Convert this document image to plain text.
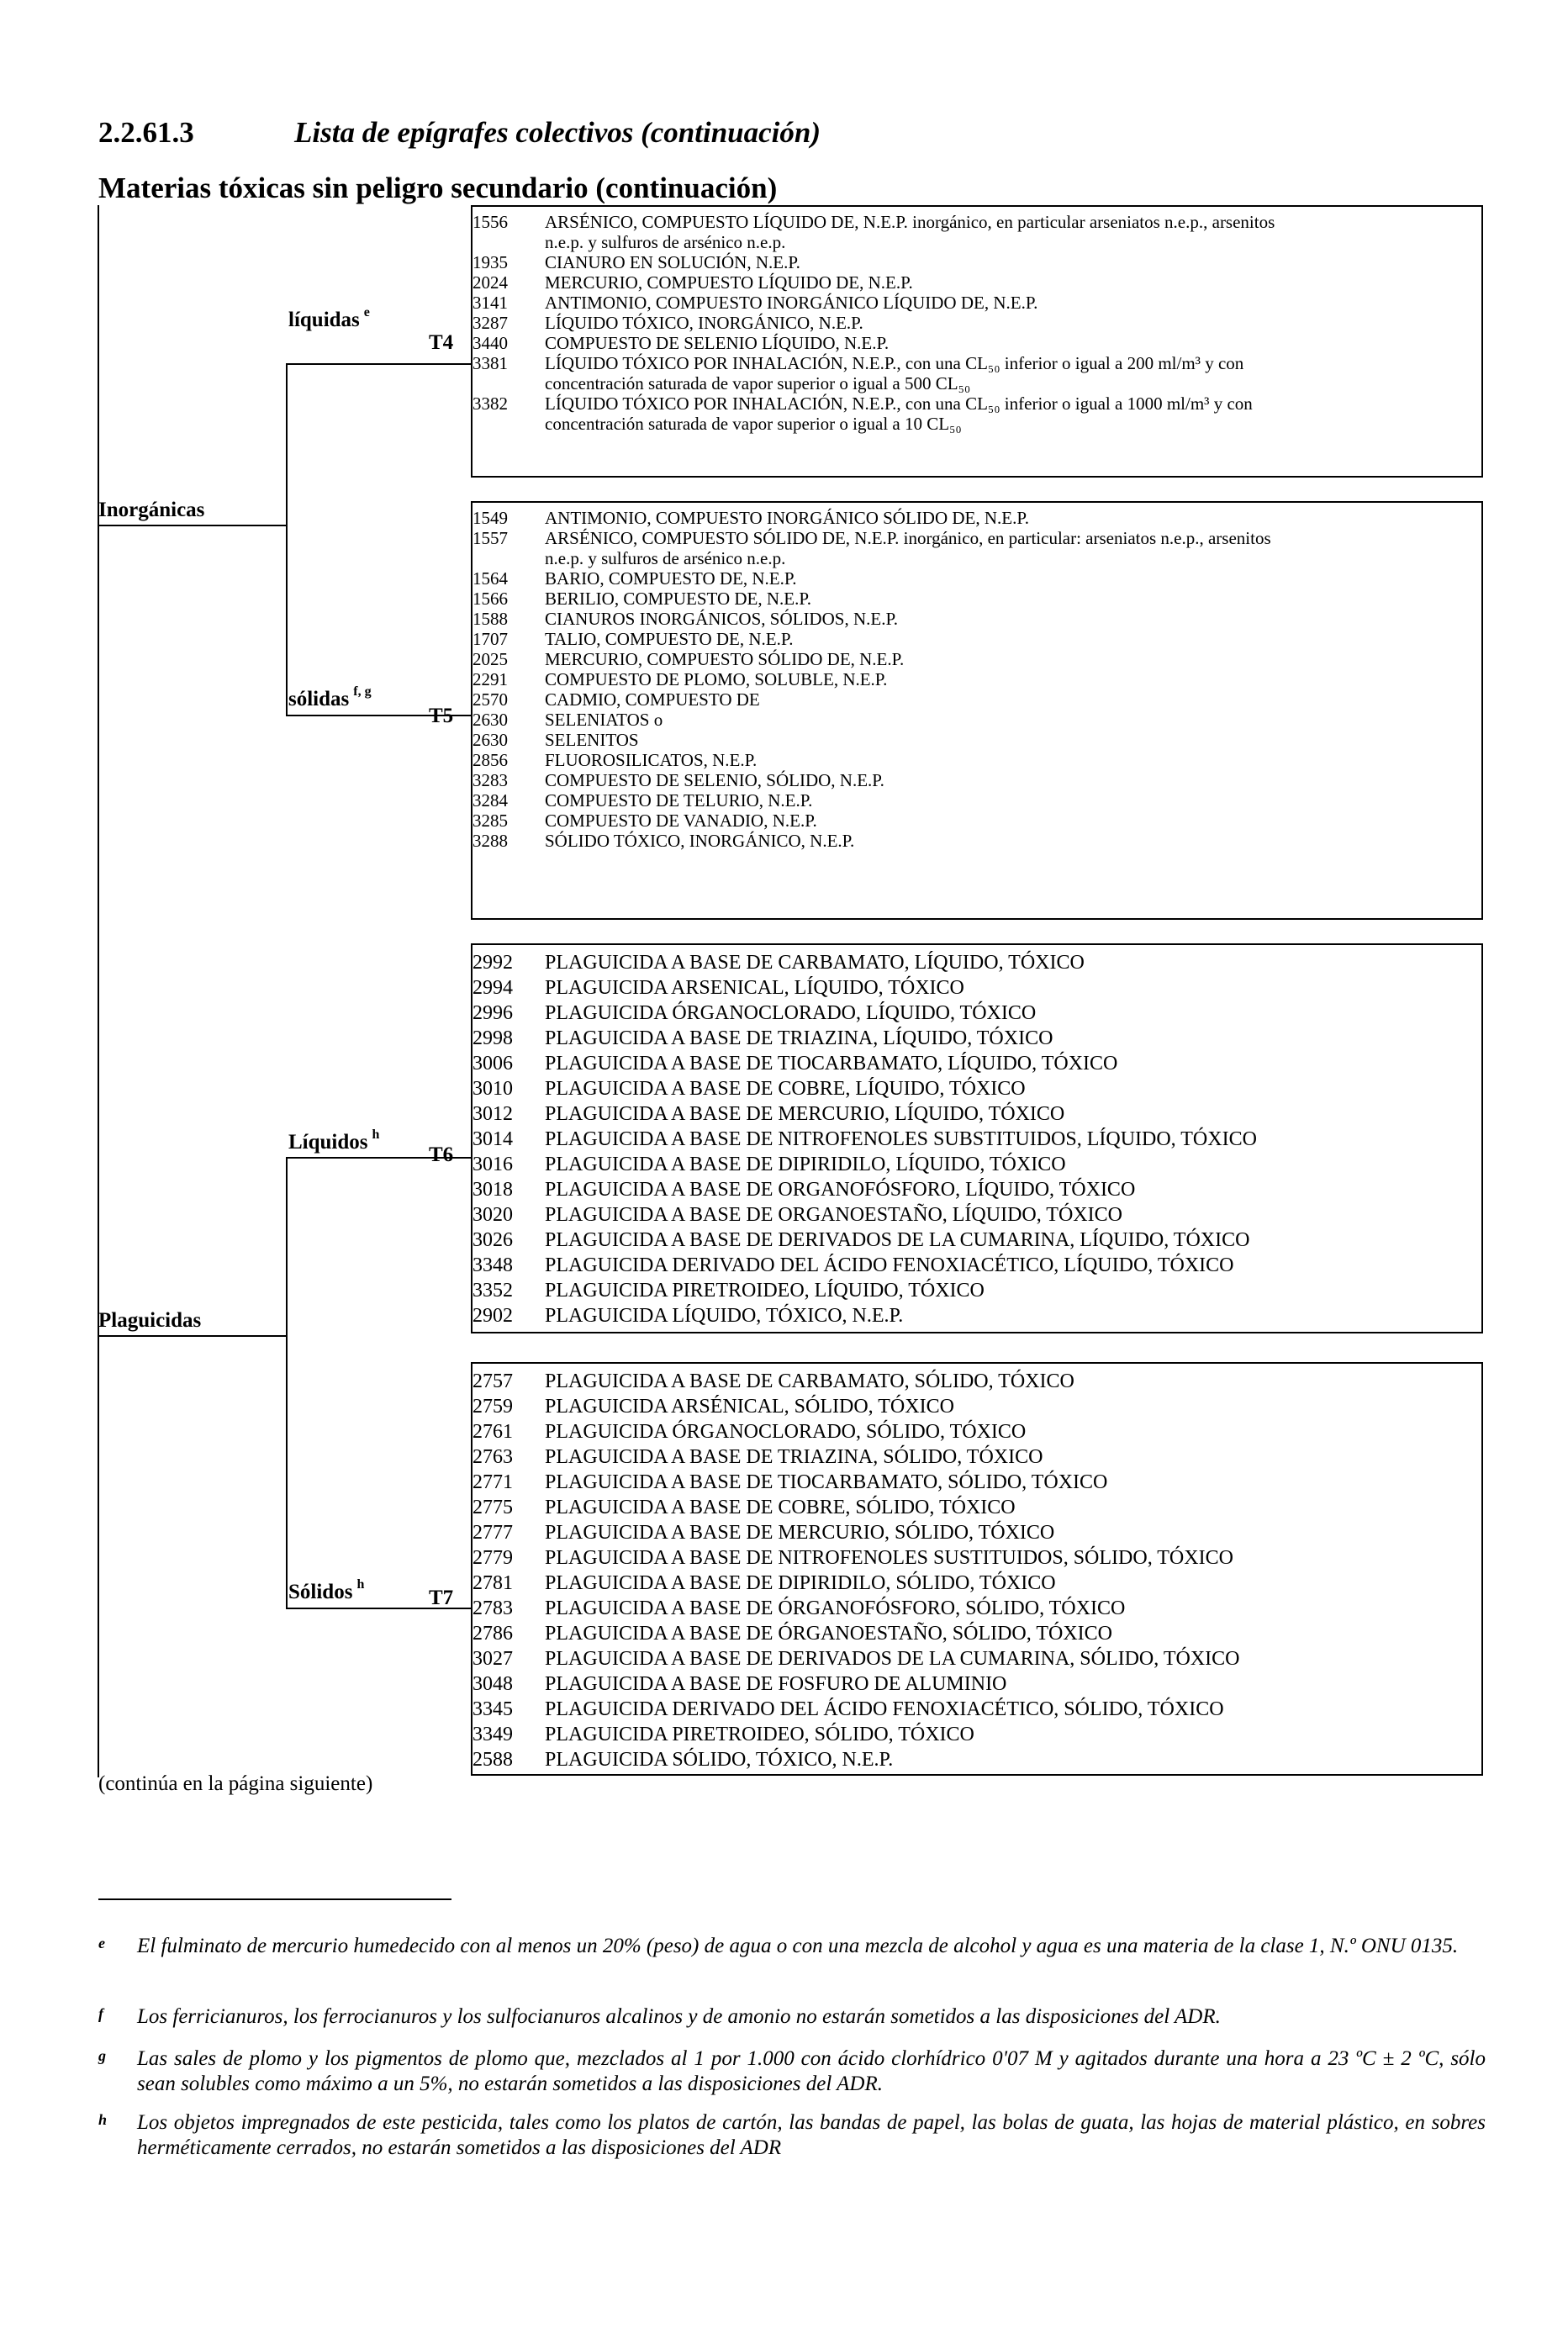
2.2.61.3	Lista de epígrafes colectivos (continuación)
Materias tóxicas sin peligro secundario (continuación)
Inorgánicas
líquidas $^e$
sólidas $^{f, g}$
Plaguicidas
Líquidos $^h$
Sólidos $^h$
T4
T5
T6
T7
1556	ARSÉNICO, COMPUESTO LÍQUIDO DE, N.E.P. inorgánico, en particular arseniatos n.e.p., arsenitos
n.e.p. y sulfuros de arsénico n.e.p.
1935	CIANURO EN SOLUCIÓN, N.E.P.
2024	MERCURIO, COMPUESTO LÍQUIDO DE, N.E.P.
3141	ANTIMONIO, COMPUESTO INORGÁNICO LÍQUIDO DE, N.E.P.
3287	LÍQUIDO TÓXICO, INORGÁNICO, N.E.P.
3440	COMPUESTO DE SELENIO LÍQUIDO, N.E.P.
3381	LÍQUIDO TÓXICO POR INHALACIÓN, N.E.P., con una CL₅₀ inferior o igual a 200 ml/m³ y con
concentración saturada de vapor superior o igual a 500 CL₅₀
3382	LÍQUIDO TÓXICO POR INHALACIÓN, N.E.P., con una CL₅₀ inferior o igual a 1000 ml/m³ y con
concentración saturada de vapor superior o igual a 10 CL₅₀
1549	ANTIMONIO, COMPUESTO INORGÁNICO SÓLIDO DE, N.E.P.
1557	ARSÉNICO, COMPUESTO SÓLIDO DE, N.E.P. inorgánico, en particular: arseniatos n.e.p., arsenitos
n.e.p. y sulfuros de arsénico n.e.p.
1564	BARIO, COMPUESTO DE, N.E.P.
1566	BERILIO, COMPUESTO DE, N.E.P.
1588	CIANUROS INORGÁNICOS, SÓLIDOS, N.E.P.
1707	TALIO, COMPUESTO DE, N.E.P.
2025	MERCURIO, COMPUESTO SÓLIDO DE, N.E.P.
2291	COMPUESTO DE PLOMO, SOLUBLE, N.E.P.
2570	CADMIO, COMPUESTO DE
2630	SELENIATOS o
2630	SELENITOS
2856	FLUOROSILICATOS, N.E.P.
3283	COMPUESTO DE SELENIO, SÓLIDO, N.E.P.
3284	COMPUESTO DE TELURIO, N.E.P.
3285	COMPUESTO DE VANADIO, N.E.P.
3288	SÓLIDO TÓXICO, INORGÁNICO, N.E.P.
2992	PLAGUICIDA A BASE DE CARBAMATO, LÍQUIDO, TÓXICO
2994	PLAGUICIDA ARSENICAL, LÍQUIDO, TÓXICO
2996	PLAGUICIDA ÓRGANOCLORADO, LÍQUIDO, TÓXICO
2998	PLAGUICIDA A BASE DE TRIAZINA, LÍQUIDO, TÓXICO
3006	PLAGUICIDA A BASE DE TIOCARBAMATO, LÍQUIDO, TÓXICO
3010	PLAGUICIDA A BASE DE COBRE, LÍQUIDO, TÓXICO
3012	PLAGUICIDA A BASE DE MERCURIO, LÍQUIDO, TÓXICO
3014	PLAGUICIDA A BASE DE NITROFENOLES SUBSTITUIDOS, LÍQUIDO, TÓXICO
3016	PLAGUICIDA A BASE DE DIPIRIDILO, LÍQUIDO, TÓXICO
3018	PLAGUICIDA A BASE DE ORGANOFÓSFORO, LÍQUIDO, TÓXICO
3020	PLAGUICIDA A BASE DE ORGANOESTAÑO, LÍQUIDO, TÓXICO
3026	PLAGUICIDA A BASE DE DERIVADOS DE LA CUMARINA, LÍQUIDO, TÓXICO
3348	PLAGUICIDA DERIVADO DEL ÁCIDO FENOXIACÉTICO, LÍQUIDO, TÓXICO
3352	PLAGUICIDA PIRETROIDEO, LÍQUIDO, TÓXICO
2902	PLAGUICIDA LÍQUIDO, TÓXICO, N.E.P.
2757	PLAGUICIDA A BASE DE CARBAMATO, SÓLIDO, TÓXICO
2759	PLAGUICIDA ARSÉNICAL, SÓLIDO, TÓXICO
2761	PLAGUICIDA ÓRGANOCLORADO, SÓLIDO, TÓXICO
2763	PLAGUICIDA A BASE DE TRIAZINA, SÓLIDO, TÓXICO
2771	PLAGUICIDA A BASE DE TIOCARBAMATO, SÓLIDO, TÓXICO
2775	PLAGUICIDA A BASE DE COBRE, SÓLIDO, TÓXICO
2777	PLAGUICIDA A BASE DE MERCURIO, SÓLIDO, TÓXICO
2779	PLAGUICIDA A BASE DE NITROFENOLES SUSTITUIDOS, SÓLIDO, TÓXICO
2781	PLAGUICIDA A BASE DE DIPIRIDILO, SÓLIDO, TÓXICO
2783	PLAGUICIDA A BASE DE ÓRGANOFÓSFORO, SÓLIDO, TÓXICO
2786	PLAGUICIDA A BASE DE ÓRGANOESTAÑO, SÓLIDO, TÓXICO
3027	PLAGUICIDA A BASE DE DERIVADOS DE LA CUMARINA, SÓLIDO, TÓXICO
3048	PLAGUICIDA A BASE DE FOSFURO DE ALUMINIO
3345	PLAGUICIDA DERIVADO DEL ÁCIDO FENOXIACÉTICO, SÓLIDO, TÓXICO
3349	PLAGUICIDA PIRETROIDEO, SÓLIDO, TÓXICO
2588	PLAGUICIDA SÓLIDO, TÓXICO, N.E.P.
(continúa en la página siguiente)
e El fulminato de mercurio humedecido con al menos un 20% (peso) de agua o con una mezcla de alcohol y agua es una materia de la clase 1, N.º ONU 0135.
f Los ferricianuros, los ferrocianuros y los sulfocianuros alcalinos y de amonio no estarán sometidos a las disposiciones del ADR.
g Las sales de plomo y los pigmentos de plomo que, mezclados al 1 por 1.000 con ácido clorhídrico 0'07 M y agitados durante una hora a 23 ºC ± 2 ºC, sólo sean solubles como máximo a un 5%, no estarán sometidos a las disposiciones del ADR.
h Los objetos impregnados de este pesticida, tales como los platos de cartón, las bandas de papel, las bolas de guata, las hojas de material plástico, en sobres herméticamente cerrados, no estarán sometidos a las disposiciones del ADR
